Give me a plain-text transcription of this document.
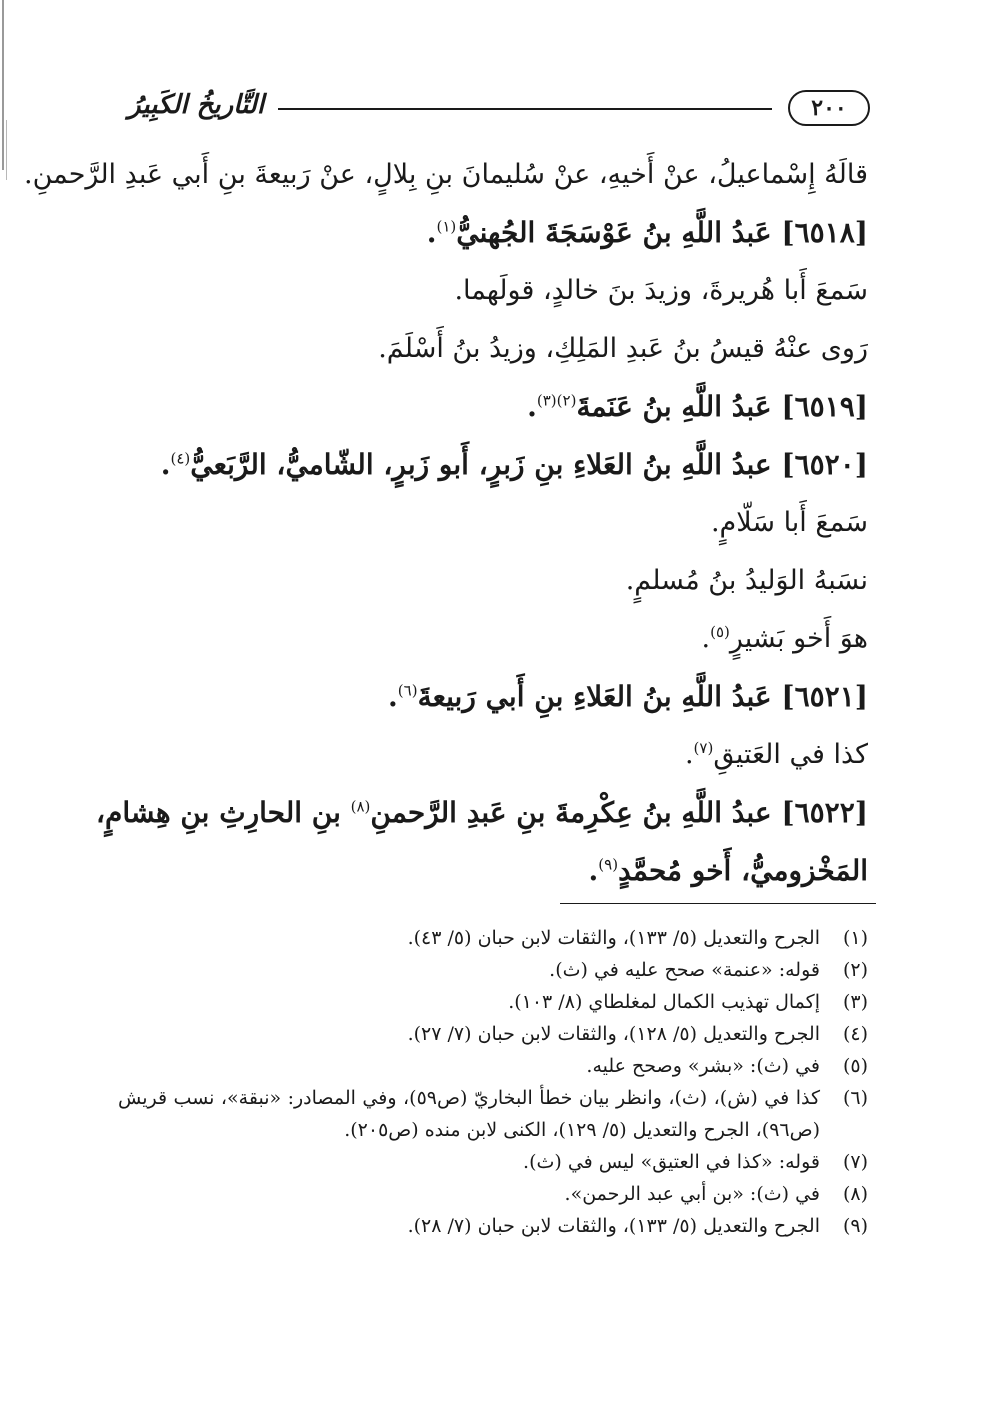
التَّاريخُ الكَبِيرُ	٢٠٠
قالَهُ إِسْماعيلُ، عنْ أَخيهِ، عنْ سُليمانَ بنِ بِلالٍ، عنْ رَبيعةَ بنِ أَبي عَبدِ الرَّحمنِ.
[٦٥١٨] عَبدُ اللَّهِ بنُ عَوْسَجَةَ الجُهنيُّ$^{(١)}$.
سَمعَ أَبا هُريرةَ، وزيدَ بنَ خالدٍ، قولَهما.
رَوى عنْهُ قيسُ بنُ عَبدِ المَلِكِ، وزيدُ بنُ أَسْلَمَ.
[٦٥١٩] عَبدُ اللَّهِ بنُ عَنَمةَ$^{(٢)(٣)}$.
[٦٥٢٠] عبدُ اللَّهِ بنُ العَلاءِ بنِ زَبرٍ، أَبو زَبرٍ، الشّاميُّ، الرَّبَعيُّ$^{(٤)}$.
سَمعَ أَبا سَلّامٍ.
نسَبهُ الوَليدُ بنُ مُسلمٍ.
هوَ أَخو بَشيرٍ$^{(٥)}$.
[٦٥٢١] عَبدُ اللَّهِ بنُ العَلاءِ بنِ أَبي رَبيعةَ$^{(٦)}$.
كذا في العَتيقِ$^{(٧)}$.
[٦٥٢٢] عبدُ اللَّهِ بنُ عِكْرِمةَ بنِ عَبدِ الرَّحمنِ$^{(٨)}$ بنِ الحارِثِ بنِ هِشامٍ،
المَخْزوميُّ، أَخو مُحمَّدٍ$^{(٩)}$.
(١)
الجرح والتعديل (٥/ ١٣٣)، والثقات لابن حبان (٥/ ٤٣).
(٢)
قوله: «عنمة» صحح عليه في (ث).
(٣)
إكمال تهذيب الكمال لمغلطاي (٨/ ١٠٣).
(٤)
الجرح والتعديل (٥/ ١٢٨)، والثقات لابن حبان (٧/ ٢٧).
(٥)
في (ث): «بشر» وصحح عليه.
(٦)
كذا في (ش)، (ث)، وانظر بيان خطأ البخاريّ (ص٥٩)، وفي المصادر: «نبقة»، نسب قريش (ص٩٦)، الجرح والتعديل (٥/ ١٢٩)، الكنى لابن منده (ص٢٠٥).
(٧)
قوله: «كذا في العتيق» ليس في (ث).
(٨)
في (ث): «بن أبي عبد الرحمن».
(٩)
الجرح والتعديل (٥/ ١٣٣)، والثقات لابن حبان (٧/ ٢٨).
